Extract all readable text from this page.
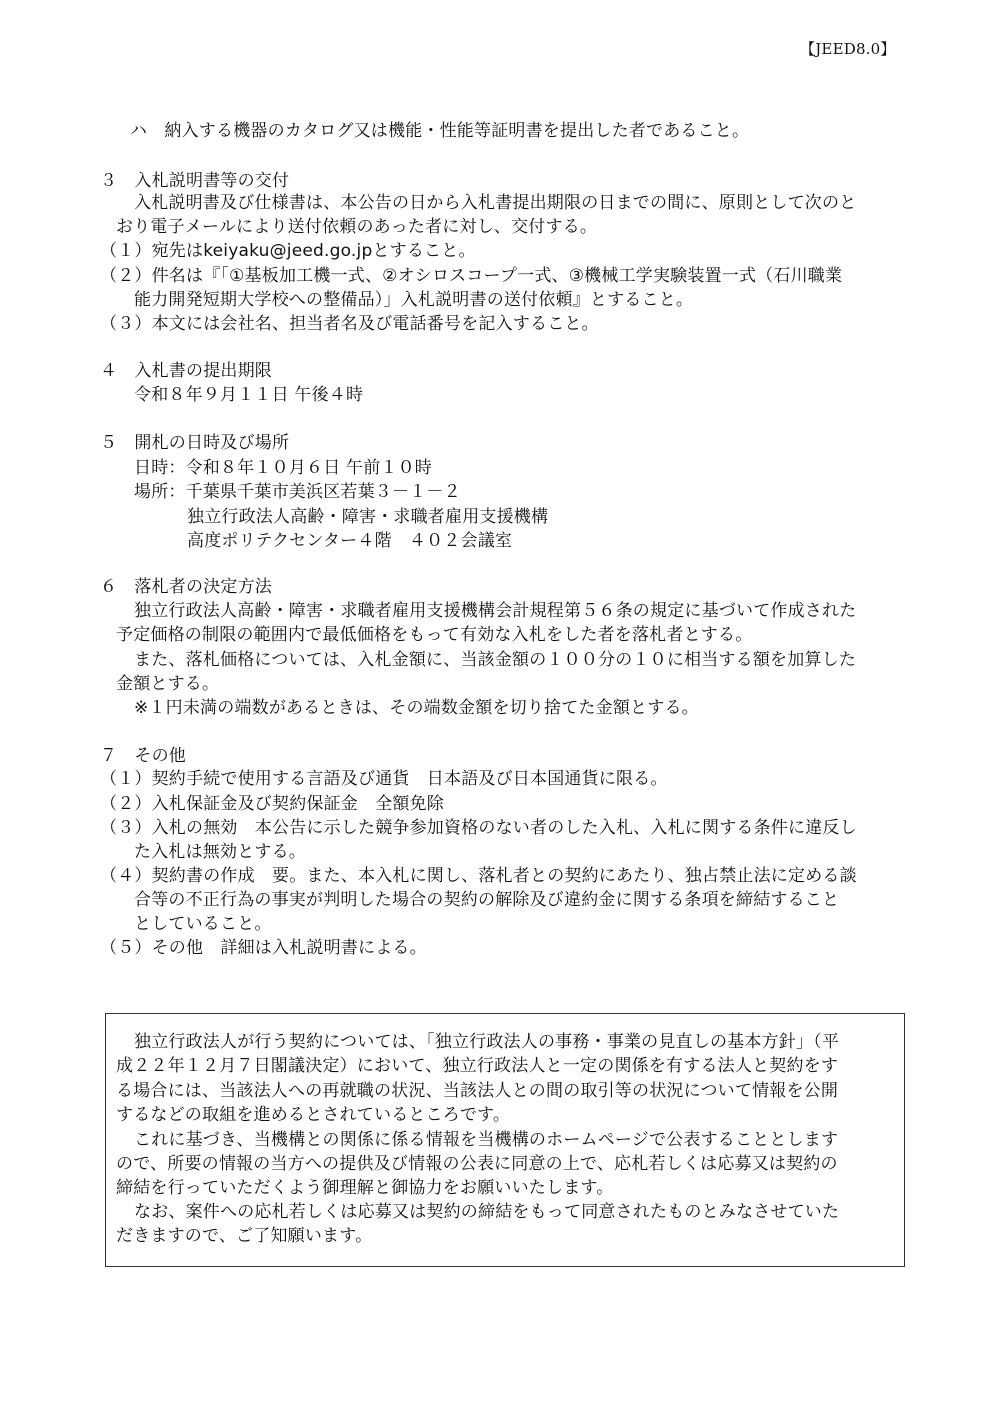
【JEED8.0】
ハ　納入する機器のカタログ又は機能・性能等証明書を提出した者であること。
３　入札説明書等の交付
入札説明書及び仕様書は、本公告の日から入札書提出期限の日までの間に、原則として次のと
おり電子メールにより送付依頼のあった者に対し、交付する。
（１）宛先はkeiyaku@jeed.go.jpとすること。
（２）件名は『「①基板加工機一式、②オシロスコープ一式、③機械工学実験装置一式（石川職業
能力開発短期大学校への整備品）」入札説明書の送付依頼』とすること。
（３）本文には会社名、担当者名及び電話番号を記入すること。
４　入札書の提出期限
令和８年９月１１日 午後４時
５　開札の日時及び場所
日時：令和８年１０月６日 午前１０時
場所：千葉県千葉市美浜区若葉３－１－２
独立行政法人高齢・障害・求職者雇用支援機構
高度ポリテクセンター４階　４０２会議室
６　落札者の決定方法
独立行政法人高齢・障害・求職者雇用支援機構会計規程第５６条の規定に基づいて作成された
予定価格の制限の範囲内で最低価格をもって有効な入札をした者を落札者とする。
また、落札価格については、入札金額に、当該金額の１００分の１０に相当する額を加算した
金額とする。
※１円未満の端数があるときは、その端数金額を切り捨てた金額とする。
７　その他
（１）契約手続で使用する言語及び通貨　日本語及び日本国通貨に限る。
（２）入札保証金及び契約保証金　全額免除
（３）入札の無効　本公告に示した競争参加資格のない者のした入札、入札に関する条件に違反し
た入札は無効とする。
（４）契約書の作成　要。また、本入札に関し、落札者との契約にあたり、独占禁止法に定める談
合等の不正行為の事実が判明した場合の契約の解除及び違約金に関する条項を締結すること
としていること。
（５）その他　詳細は入札説明書による。
独立行政法人が行う契約については、「独立行政法人の事務・事業の見直しの基本方針」（平
成２２年１２月７日閣議決定）において、独立行政法人と一定の関係を有する法人と契約をす
る場合には、当該法人への再就職の状況、当該法人との間の取引等の状況について情報を公開
するなどの取組を進めるとされているところです。
これに基づき、当機構との関係に係る情報を当機構のホームページで公表することとします
ので、所要の情報の当方への提供及び情報の公表に同意の上で、応札若しくは応募又は契約の
締結を行っていただくよう御理解と御協力をお願いいたします。
なお、案件への応札若しくは応募又は契約の締結をもって同意されたものとみなさせていた
だきますので、ご了知願います。
